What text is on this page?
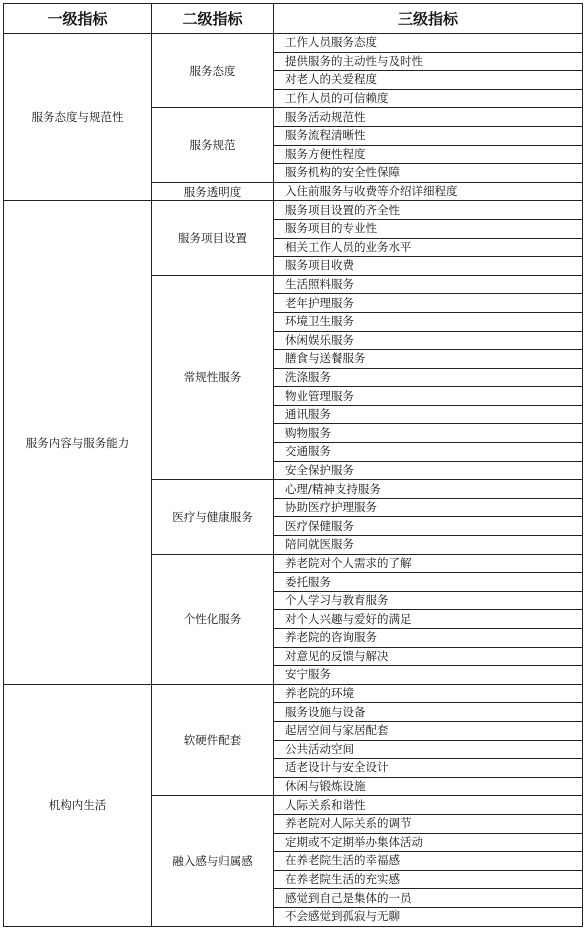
一级指标	二级指标	三级指标
服务态度与规范性	服务态度	工作人员服务态度
		提供服务的主动性与及时性
		对老人的关爱程度
		工作人员的可信赖度
	服务规范	服务活动规范性
		服务流程清晰性
		服务方便性程度
		服务机构的安全性保障
	服务透明度	入住前服务与收费等介绍详细程度
服务内容与服务能力	服务项目设置	服务项目设置的齐全性
		服务项目的专业性
		相关工作人员的业务水平
		服务项目收费
	常规性服务	生活照料服务
		老年护理服务
		环境卫生服务
		休闲娱乐服务
		膳食与送餐服务
		洗涤服务
		物业管理服务
		通讯服务
		购物服务
		交通服务
		安全保护服务
	医疗与健康服务	心理/精神支持服务
		协助医疗护理服务
		医疗保健服务
		陪同就医服务
	个性化服务	养老院对个人需求的了解
		委托服务
		个人学习与教育服务
		对个人兴趣与爱好的满足
		养老院的咨询服务
		对意见的反馈与解决
		安宁服务
机构内生活	软硬件配套	养老院的环境
		服务设施与设备
		起居空间与家居配套
		公共活动空间
		适老设计与安全设计
		休闲与锻炼设施
	融入感与归属感	人际关系和谐性
		养老院对人际关系的调节
		定期或不定期举办集体活动
		在养老院生活的幸福感
		在养老院生活的充实感
		感觉到自己是集体的一员
		不会感觉到孤寂与无聊
